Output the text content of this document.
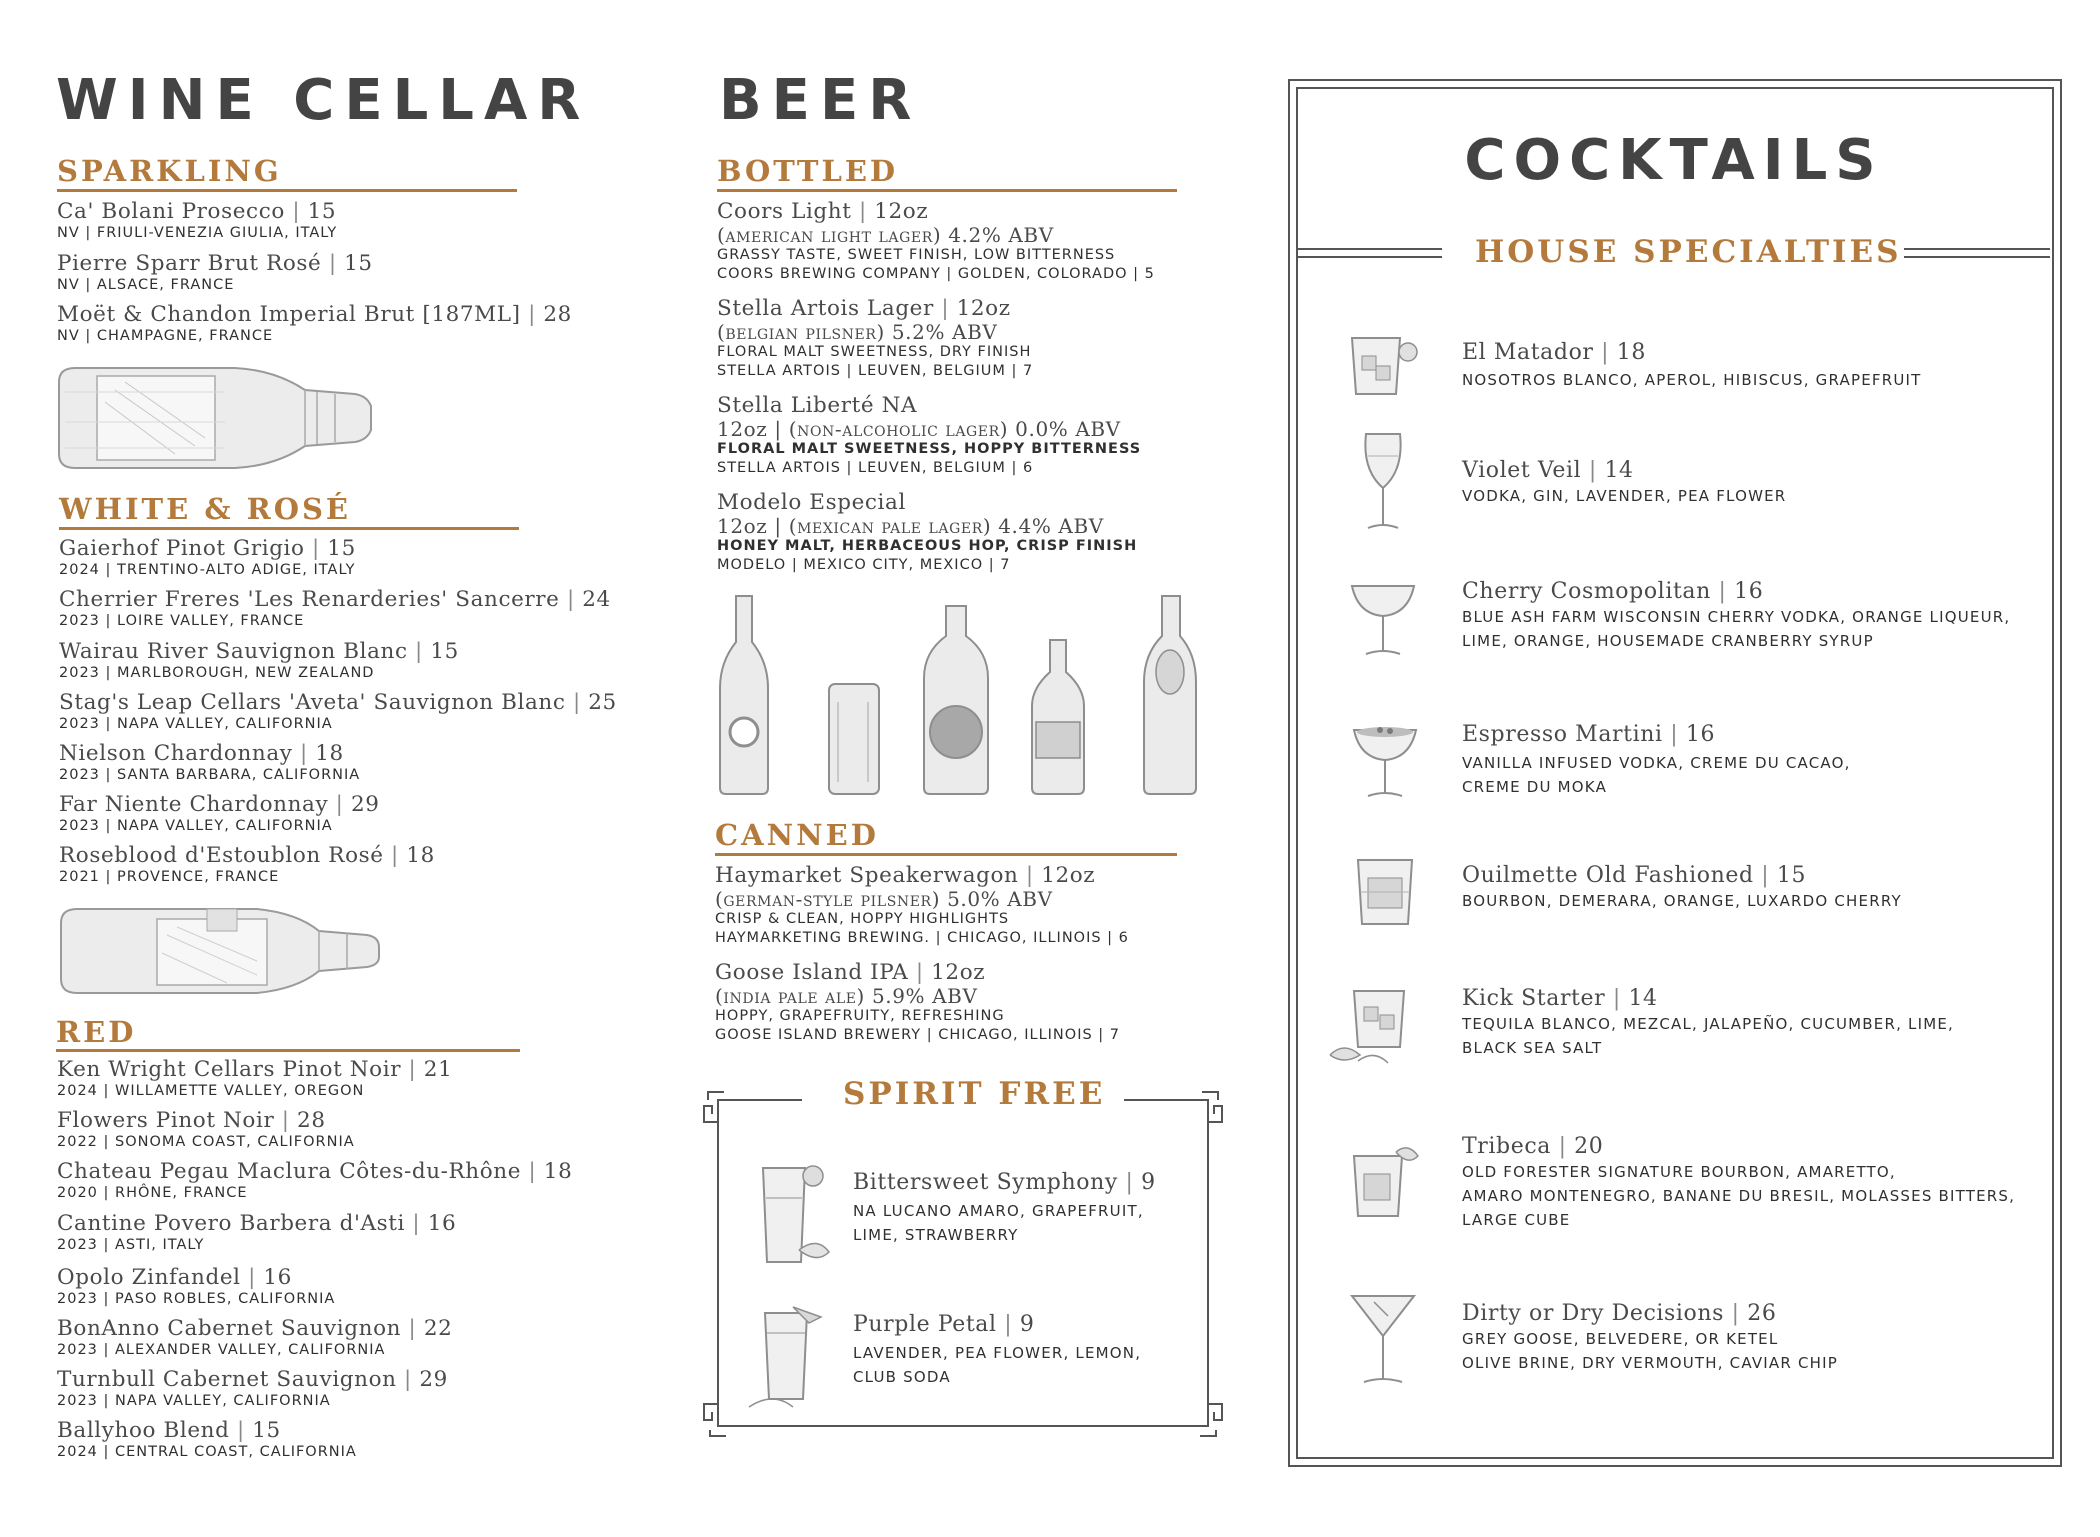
WINE CELLAR
SPARKLING
Ca' Bolani Prosecco | 15
NV | FRIULI-VENEZIA GIULIA, ITALY
Pierre Sparr Brut Rosé | 15
NV | ALSACE, FRANCE
Moët & Chandon Imperial Brut [187ML] | 28
NV | CHAMPAGNE, FRANCE
WHITE & ROSÉ
Gaierhof Pinot Grigio | 15
2024 | TRENTINO-ALTO ADIGE, ITALY
Cherrier Freres 'Les Renarderies' Sancerre | 24
2023 | LOIRE VALLEY, FRANCE
Wairau River Sauvignon Blanc | 15
2023 | MARLBOROUGH, NEW ZEALAND
Stag's Leap Cellars 'Aveta' Sauvignon Blanc | 25
2023 | NAPA VALLEY, CALIFORNIA
Nielson Chardonnay | 18
2023 | SANTA BARBARA, CALIFORNIA
Far Niente Chardonnay | 29
2023 | NAPA VALLEY, CALIFORNIA
Roseblood d'Estoublon Rosé | 18
2021 | PROVENCE, FRANCE
RED
Ken Wright Cellars Pinot Noir | 21
2024 | WILLAMETTE VALLEY, OREGON
Flowers Pinot Noir | 28
2022 | SONOMA COAST, CALIFORNIA
Chateau Pegau Maclura Côtes-du-Rhône | 18
2020 | RHÔNE, FRANCE
Cantine Povero Barbera d'Asti | 16
2023 | ASTI, ITALY
Opolo Zinfandel | 16
2023 | PASO ROBLES, CALIFORNIA
BonAnno Cabernet Sauvignon | 22
2023 | ALEXANDER VALLEY, CALIFORNIA
Turnbull Cabernet Sauvignon | 29
2023 | NAPA VALLEY, CALIFORNIA
Ballyhoo Blend | 15
2024 | CENTRAL COAST, CALIFORNIA
BEER
BOTTLED
Coors Light | 12oz
(american light lager) 4.2% ABV
GRASSY TASTE, SWEET FINISH, LOW BITTERNESS
COORS BREWING COMPANY | GOLDEN, COLORADO | 5
Stella Artois Lager | 12oz
(belgian pilsner) 5.2% ABV
FLORAL MALT SWEETNESS, DRY FINISH
STELLA ARTOIS | LEUVEN, BELGIUM | 7
Stella Liberté NA
12oz | (non-alcoholic lager) 0.0% ABV
FLORAL MALT SWEETNESS, HOPPY BITTERNESS
STELLA ARTOIS | LEUVEN, BELGIUM | 6
Modelo Especial
12oz | (mexican pale lager) 4.4% ABV
HONEY MALT, HERBACEOUS HOP, CRISP FINISH
MODELO | MEXICO CITY, MEXICO | 7
CANNED
Haymarket Speakerwagon | 12oz
(german-style pilsner) 5.0% ABV
CRISP & CLEAN, HOPPY HIGHLIGHTS
HAYMARKETING BREWING. | CHICAGO, ILLINOIS | 6
Goose Island IPA | 12oz
(india pale ale) 5.9% ABV
HOPPY, GRAPEFRUITY, REFRESHING
GOOSE ISLAND BREWERY | CHICAGO, ILLINOIS | 7
SPIRIT FREE
Bittersweet Symphony | 9
NA LUCANO AMARO, GRAPEFRUIT,
LIME, STRAWBERRY
Purple Petal | 9
LAVENDER, PEA FLOWER, LEMON,
CLUB SODA
COCKTAILS
HOUSE SPECIALTIES
El Matador | 18
NOSOTROS BLANCO, APEROL, HIBISCUS, GRAPEFRUIT
Violet Veil | 14
VODKA, GIN, LAVENDER, PEA FLOWER
Cherry Cosmopolitan | 16
BLUE ASH FARM WISCONSIN CHERRY VODKA, ORANGE LIQUEUR,
LIME, ORANGE, HOUSEMADE CRANBERRY SYRUP
Espresso Martini | 16
VANILLA INFUSED VODKA, CREME DU CACAO,
CREME DU MOKA
Ouilmette Old Fashioned | 15
BOURBON, DEMERARA, ORANGE, LUXARDO CHERRY
Kick Starter | 14
TEQUILA BLANCO, MEZCAL, JALAPEÑO, CUCUMBER, LIME,
BLACK SEA SALT
Tribeca | 20
OLD FORESTER SIGNATURE BOURBON, AMARETTO,
AMARO MONTENEGRO, BANANE DU BRESIL, MOLASSES BITTERS,
LARGE CUBE
Dirty or Dry Decisions | 26
GREY GOOSE, BELVEDERE, OR KETEL
OLIVE BRINE, DRY VERMOUTH, CAVIAR CHIP
